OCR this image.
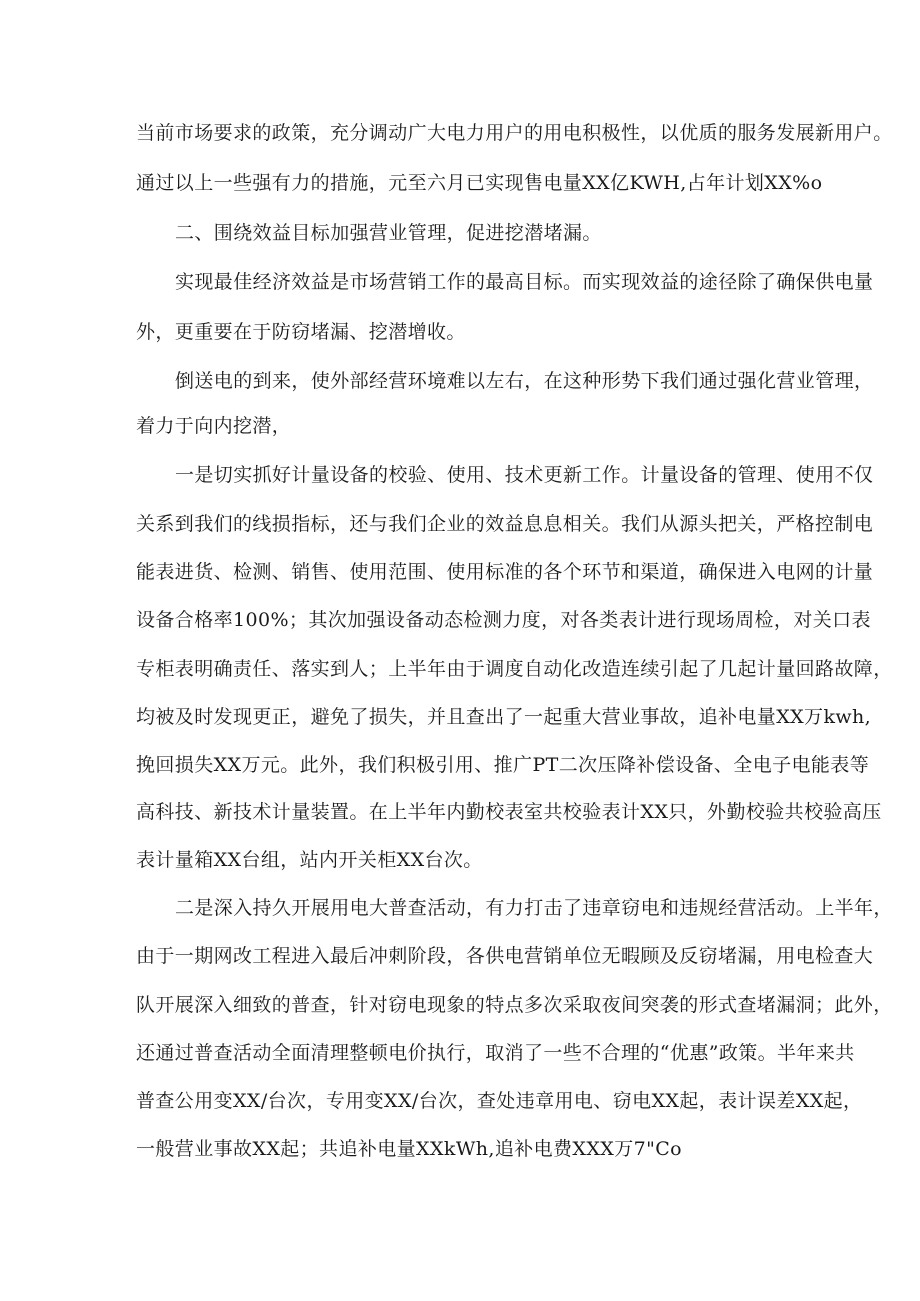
当前市场要求的政策，充分调动广大电力用户的用电积极性，以优质的服务发展新用户。
通过以上一些强有力的措施，元至六月已实现售电量XX亿KWH,占年计划XX%o
二、围绕效益目标加强营业管理，促进挖潜堵漏。
实现最佳经济效益是市场营销工作的最高目标。而实现效益的途径除了确保供电量
外，更重要在于防窃堵漏、挖潜增收。
倒送电的到来，使外部经营环境难以左右，在这种形势下我们通过强化营业管理，
着力于向内挖潜，
一是切实抓好计量设备的校验、使用、技术更新工作。计量设备的管理、使用不仅
关系到我们的线损指标，还与我们企业的效益息息相关。我们从源头把关，严格控制电
能表进货、检测、销售、使用范围、使用标准的各个环节和渠道，确保进入电网的计量
设备合格率100%；其次加强设备动态检测力度，对各类表计进行现场周检，对关口表
专柜表明确责任、落实到人；上半年由于调度自动化改造连续引起了几起计量回路故障，
均被及时发现更正，避免了损失，并且查出了一起重大营业事故，追补电量XX万kwh,
挽回损失XX万元。此外，我们积极引用、推广PT二次压降补偿设备、全电子电能表等
高科技、新技术计量装置。在上半年内勤校表室共校验表计XX只，外勤校验共校验高压
表计量箱XX台组，站内开关柜XX台次。
二是深入持久开展用电大普查活动，有力打击了违章窃电和违规经营活动。上半年，
由于一期网改工程进入最后冲刺阶段，各供电营销单位无暇顾及反窃堵漏，用电检查大
队开展深入细致的普查，针对窃电现象的特点多次采取夜间突袭的形式查堵漏洞；此外，
还通过普查活动全面清理整顿电价执行，取消了一些不合理的“优惠”政策。半年来共
普查公用变XX/台次，专用变XX/台次，查处违章用电、窃电XX起，表计误差XX起，
一般营业事故XX起；共追补电量XXkWh,追补电费XXX万7"Co
